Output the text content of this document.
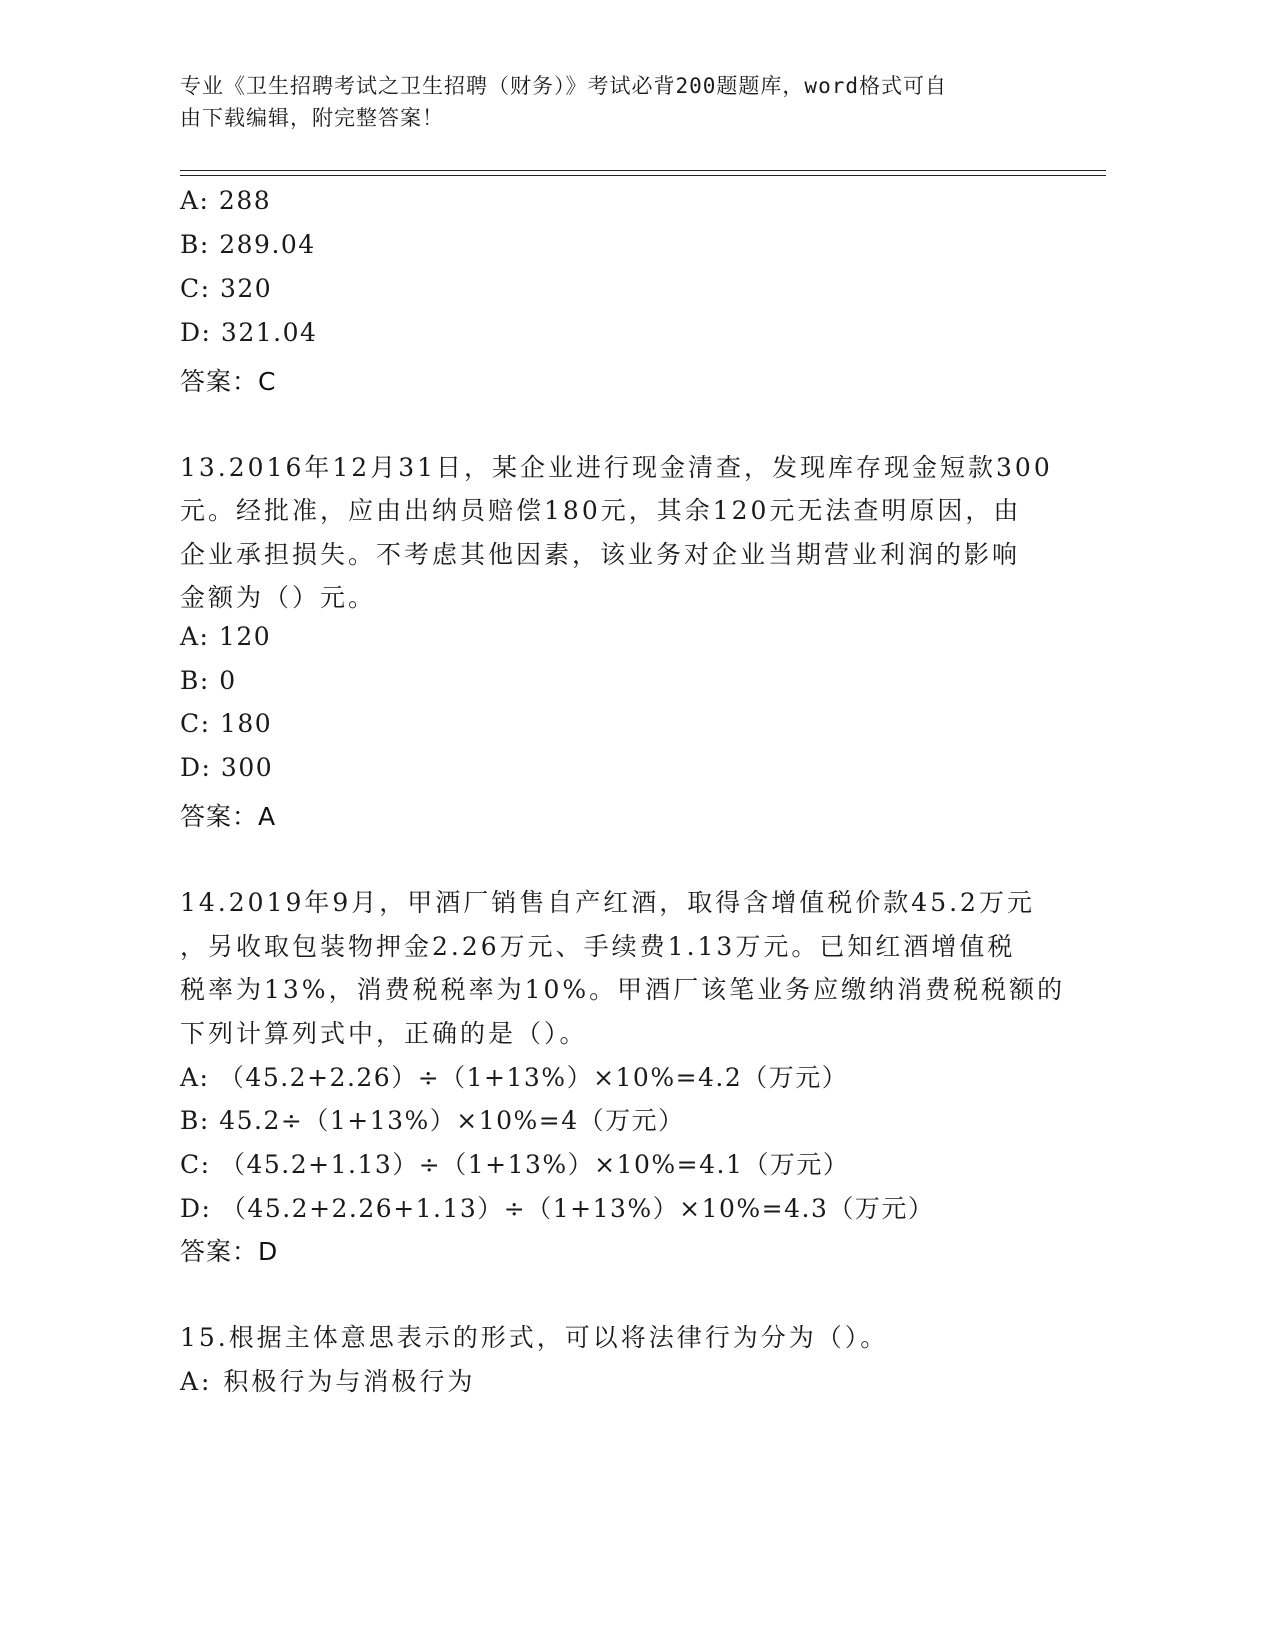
专业《卫生招聘考试之卫生招聘（财务）》考试必背200题题库，word格式可自
由下载编辑，附完整答案！
A: 288
B: 289.04
C: 320
D: 321.04
答案：C
13.2016年12月31日，某企业进行现金清查，发现库存现金短款300
元。经批准，应由出纳员赔偿180元，其余120元无法查明原因，由
企业承担损失。不考虑其他因素，该业务对企业当期营业利润的影响
金额为（）元。
A: 120
B: 0
C: 180
D: 300
答案：A
14.2019年9月，甲酒厂销售自产红酒，取得含增值税价款45.2万元
，另收取包装物押金2.26万元、手续费1.13万元。已知红酒增值税
税率为13%，消费税税率为10%。甲酒厂该笔业务应缴纳消费税税额的
下列计算列式中，正确的是（）。
A: （45.2+2.26）÷（1+13%）×10%=4.2（万元）
B: 45.2÷（1+13%）×10%=4（万元）
C: （45.2+1.13）÷（1+13%）×10%=4.1（万元）
D: （45.2+2.26+1.13）÷（1+13%）×10%=4.3（万元）
答案：D
15.根据主体意思表示的形式，可以将法律行为分为（）。
A: 积极行为与消极行为
